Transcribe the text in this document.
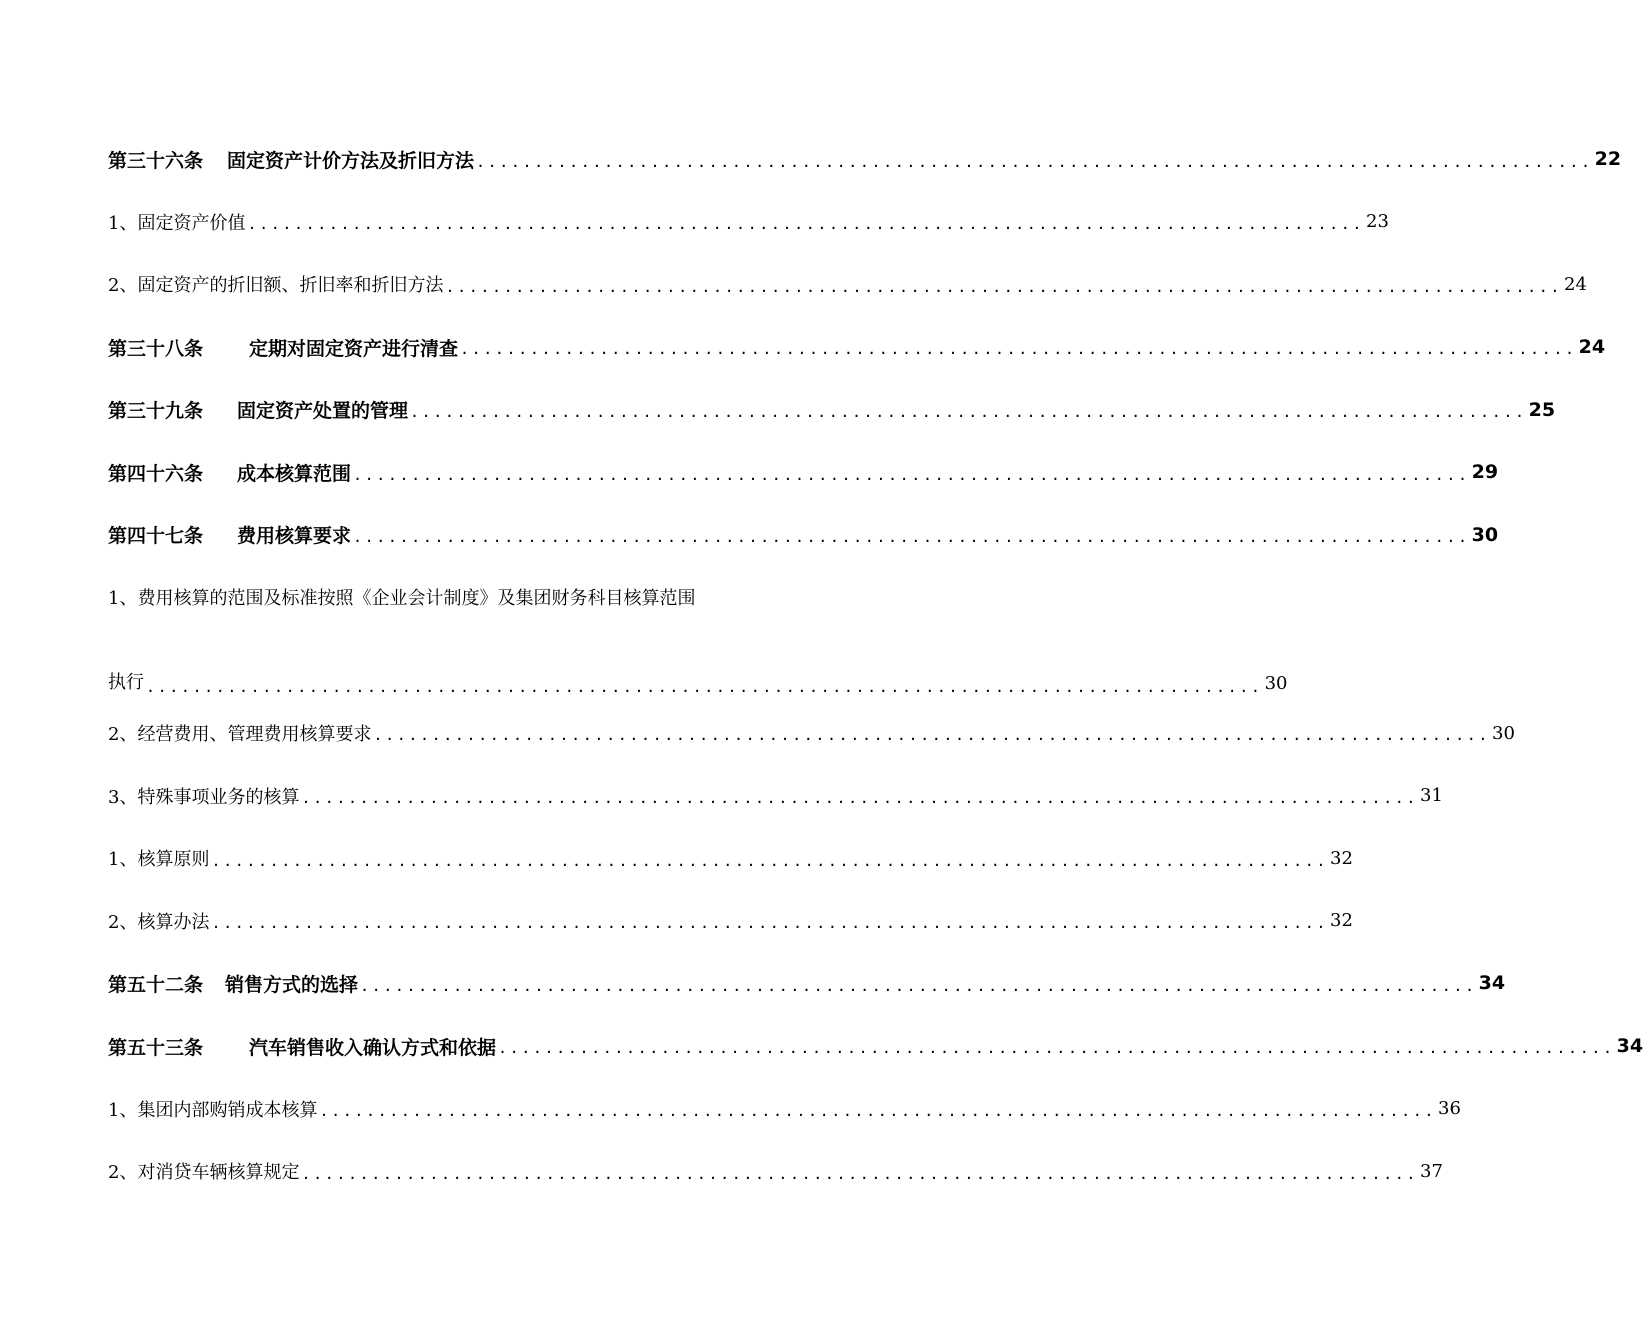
第三十六条	固定资产计价方法及折旧方法 ................................................................................................ 22
1、固定资产价值 ................................................................................................ 23
2、固定资产的折旧额、折旧率和折旧方法 ................................................................................................ 24
第三十八条	定期对固定资产进行清查 ................................................................................................ 24
第三十九条	固定资产处置的管理 ................................................................................................ 25
第四十六条	成本核算范围 ................................................................................................ 29
第四十七条	费用核算要求 ................................................................................................ 30
1、费用核算的范围及标准按照《企业会计制度》及集团财务科目核算范围
执行 ................................................................................................ 30
2、经营费用、管理费用核算要求 ................................................................................................ 30
3、特殊事项业务的核算 ................................................................................................ 31
1、核算原则 ................................................................................................ 32
2、核算办法 ................................................................................................ 32
第五十二条	销售方式的选择 ................................................................................................ 34
第五十三条	汽车销售收入确认方式和依据 ................................................................................................ 34
1、集团内部购销成本核算 ................................................................................................ 36
2、对消贷车辆核算规定 ................................................................................................ 37
